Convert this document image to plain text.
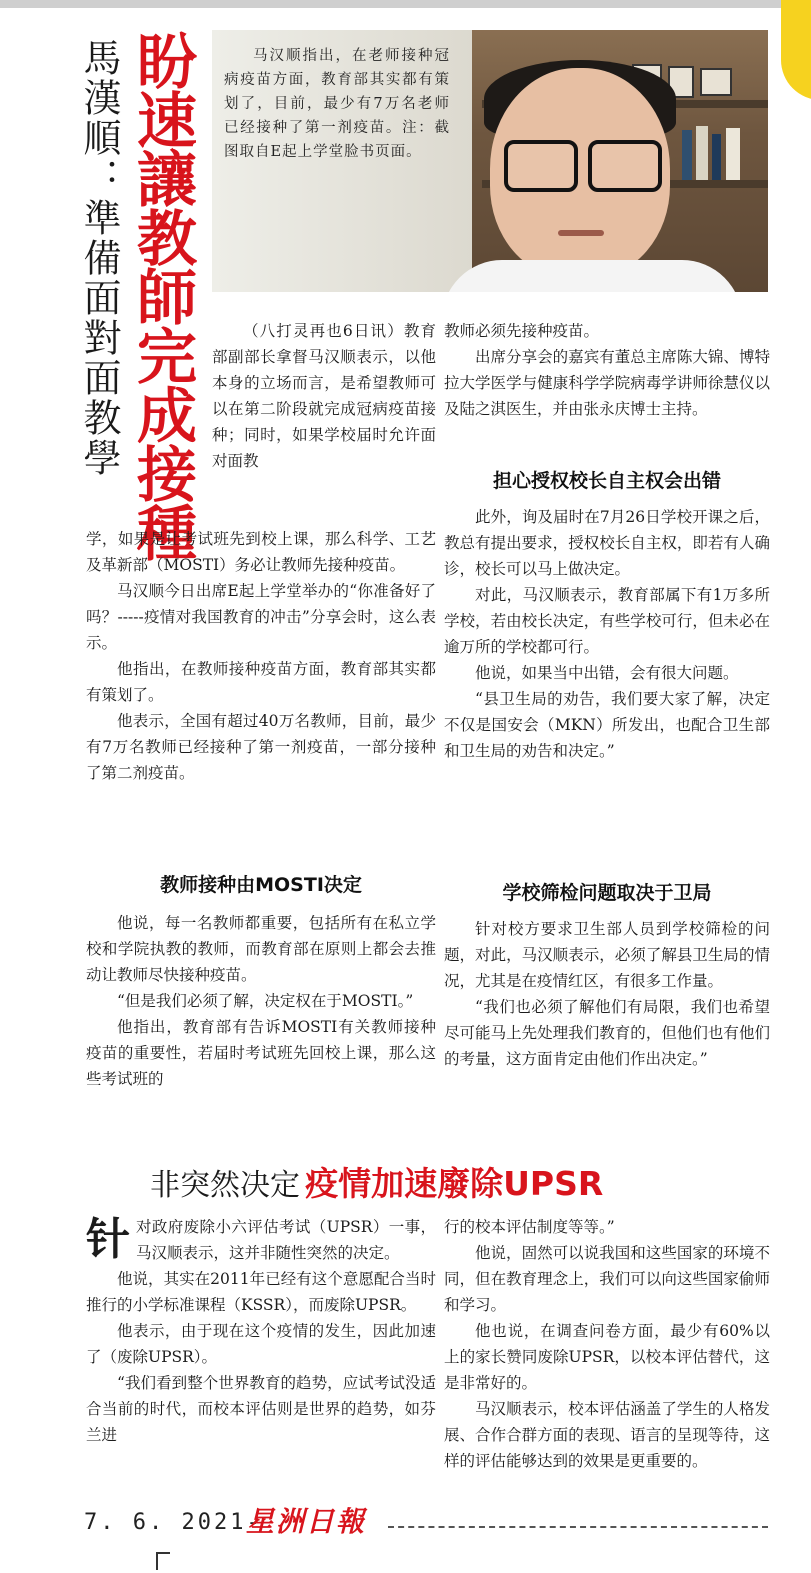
馬漢順：準備面對面教學 盼速讓教師完成接種	马汉顺指出，在老师接种冠病疫苗方面，教育部其实都有策划了，目前，最少有7万名老师已经接种了第一剂疫苗。注：截图取自E起上学堂脸书页面。

（八打灵再也6日讯）教育部副部长拿督马汉顺表示，以他本身的立场而言，是希望教师可以在第二阶段就完成冠病疫苗接种；同时，如果学校届时允许面对面教

学，如果是让考试班先到校上课，那么科学、工艺及革新部（MOSTI）务必让教师先接种疫苗。

马汉顺今日出席E起上学堂举办的“你准备好了吗？-----疫情对我国教育的冲击”分享会时，这么表示。

他指出，在教师接种疫苗方面，教育部其实都有策划了。

他表示，全国有超过40万名教师，目前，最少有7万名教师已经接种了第一剂疫苗，一部分接种了第二剂疫苗。

教师接种由MOSTI决定

他说，每一名教师都重要，包括所有在私立学校和学院执教的教师，而教育部在原则上都会去推动让教师尽快接种疫苗。

“但是我们必须了解，决定权在于MOSTI。”

他指出，教育部有告诉MOSTI有关教师接种疫苗的重要性，若届时考试班先回校上课，那么这些考试班的

教师必须先接种疫苗。

出席分享会的嘉宾有董总主席陈大锦、博特拉大学医学与健康科学学院病毒学讲师徐慧仪以及陆之淇医生，并由张永庆博士主持。

担心授权校长自主权会出错

此外，询及届时在7月26日学校开课之后，教总有提出要求，授权校长自主权，即若有人确诊，校长可以马上做决定。

对此，马汉顺表示，教育部属下有1万多所学校，若由校长决定，有些学校可行，但未必在逾万所的学校都可行。

他说，如果当中出错，会有很大问题。

“县卫生局的劝告，我们要大家了解，决定不仅是国安会（MKN）所发出，也配合卫生部和卫生局的劝告和决定。”

学校筛检问题取决于卫局

针对校方要求卫生部人员到学校筛检的问题，对此，马汉顺表示，必须了解县卫生局的情况，尤其是在疫情红区，有很多工作量。

“我们也必须了解他们有局限，我们也希望尽可能马上先处理我们教育的，但他们也有他们的考量，这方面肯定由他们作出决定。”

非突然决定 疫情加速廢除UPSR

针对政府废除小六评估考试（UPSR）一事，马汉顺表示，这并非随性突然的决定。

他说，其实在2011年已经有这个意愿配合当时推行的小学标准课程（KSSR），而废除UPSR。

他表示，由于现在这个疫情的发生，因此加速了（废除UPSR）。

“我们看到整个世界教育的趋势，应试考试没适合当前的时代，而校本评估则是世界的趋势，如芬兰进

行的校本评估制度等等。”

他说，固然可以说我国和这些国家的环境不同，但在教育理念上，我们可以向这些国家偷师和学习。

他也说，在调查问卷方面，最少有60%以上的家长赞同废除UPSR，以校本评估替代，这是非常好的。

马汉顺表示，校本评估涵盖了学生的人格发展、合作合群方面的表现、语言的呈现等待，这样的评估能够达到的效果是更重要的。

7. 6. 2021-
星洲日報
